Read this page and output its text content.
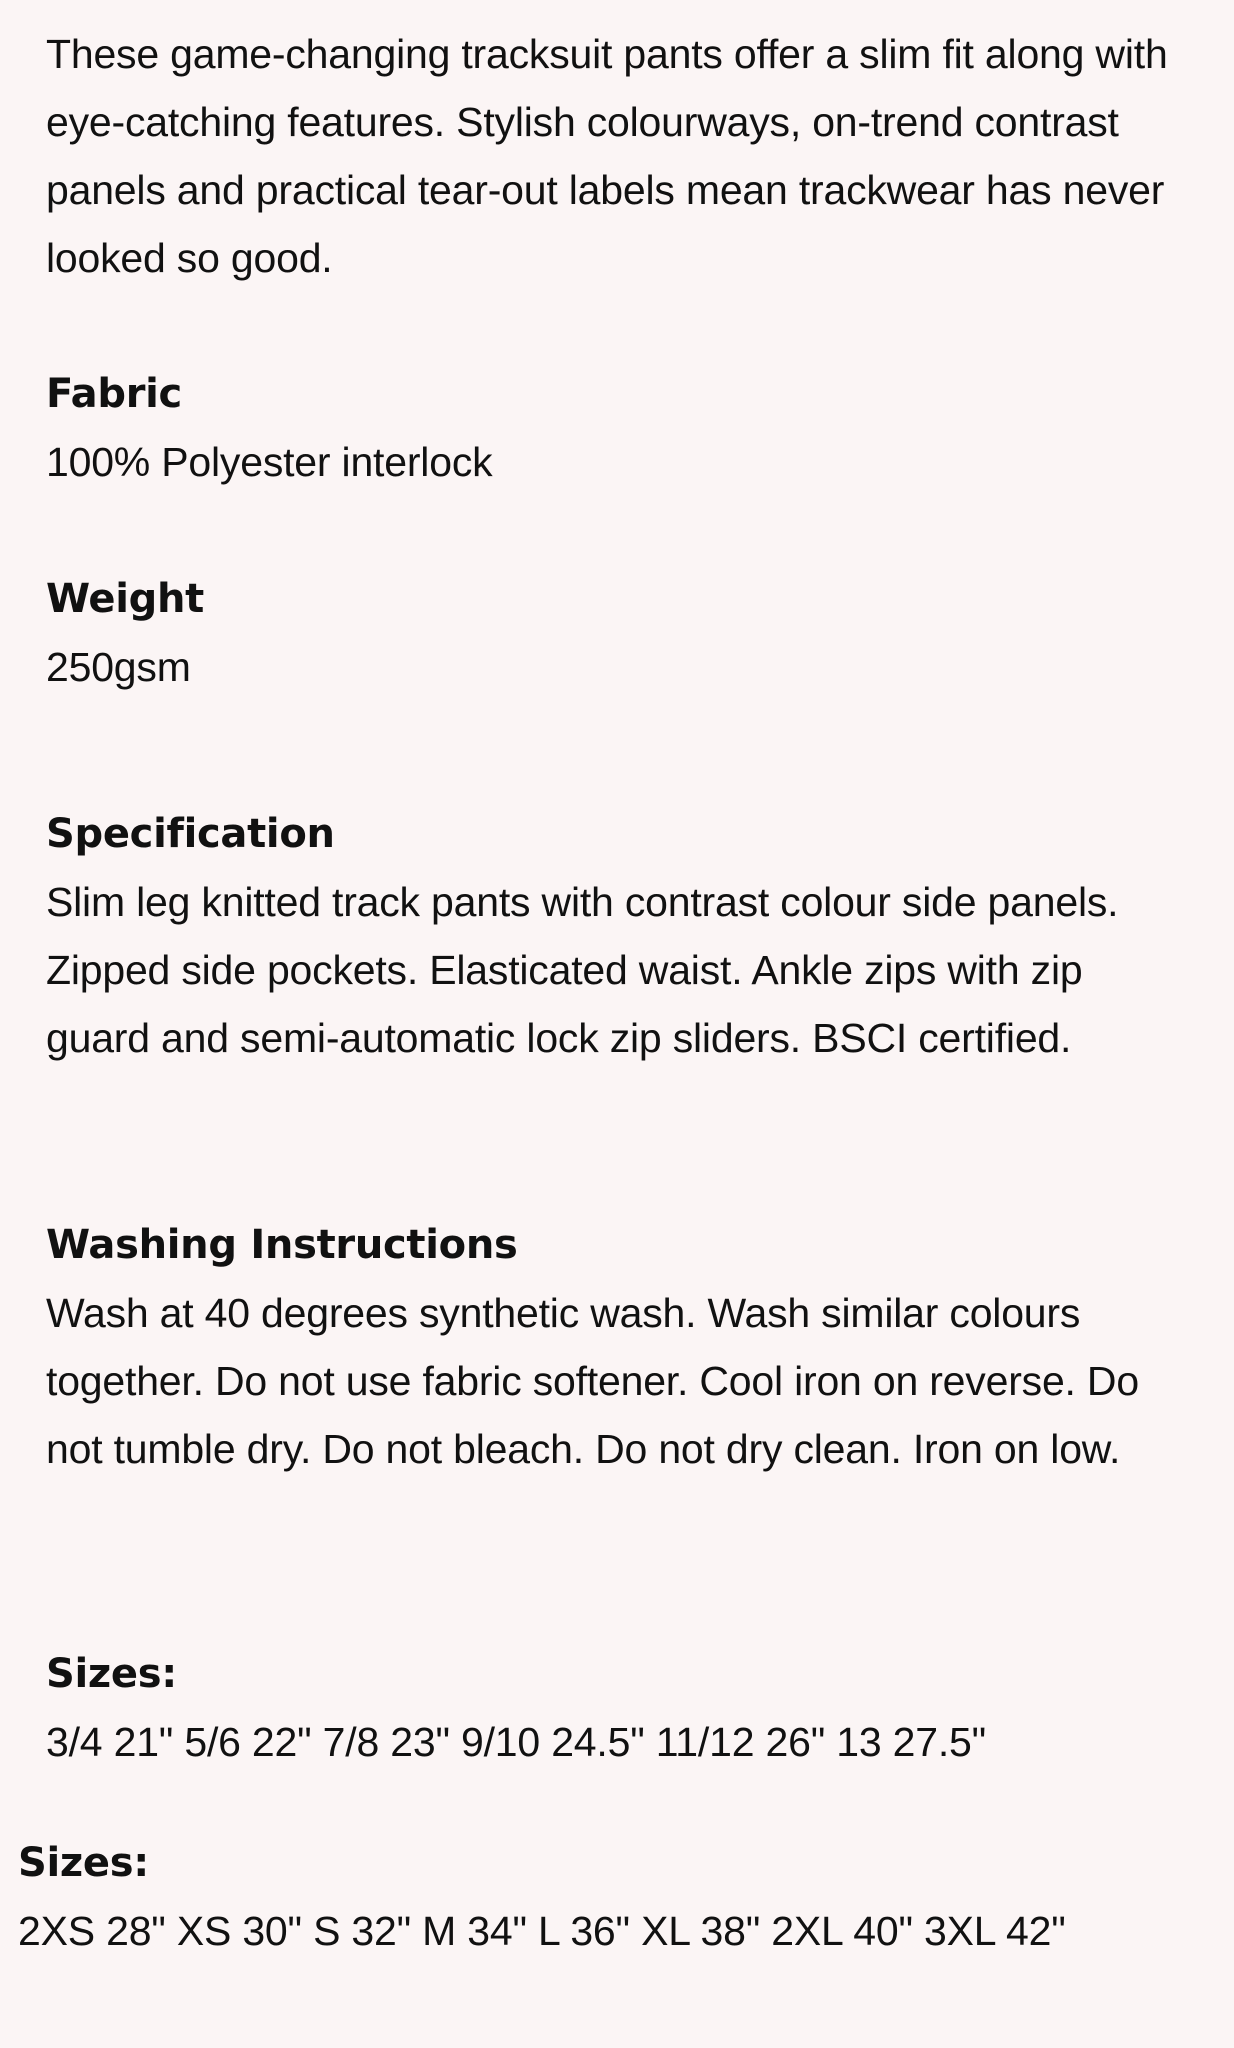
These game-changing tracksuit pants offer a slim fit along with eye-catching features. Stylish colourways, on-trend contrast panels and practical tear-out labels mean trackwear has never looked so good.

Fabric

100% Polyester interlock

Weight

250gsm

Specification

Slim leg knitted track pants with contrast colour side panels. Zipped side pockets. Elasticated waist. Ankle zips with zip guard and semi-automatic lock zip sliders. BSCI certified.

Washing Instructions

Wash at 40 degrees synthetic wash. Wash similar colours together. Do not use fabric softener. Cool iron on reverse. Do not tumble dry. Do not bleach. Do not dry clean. Iron on low.

Sizes:

3/4 21" 5/6 22" 7/8 23" 9/10 24.5" 11/12 26" 13 27.5"

Sizes:

2XS 28" XS 30" S 32" M 34" L 36" XL 38" 2XL 40" 3XL 42"
